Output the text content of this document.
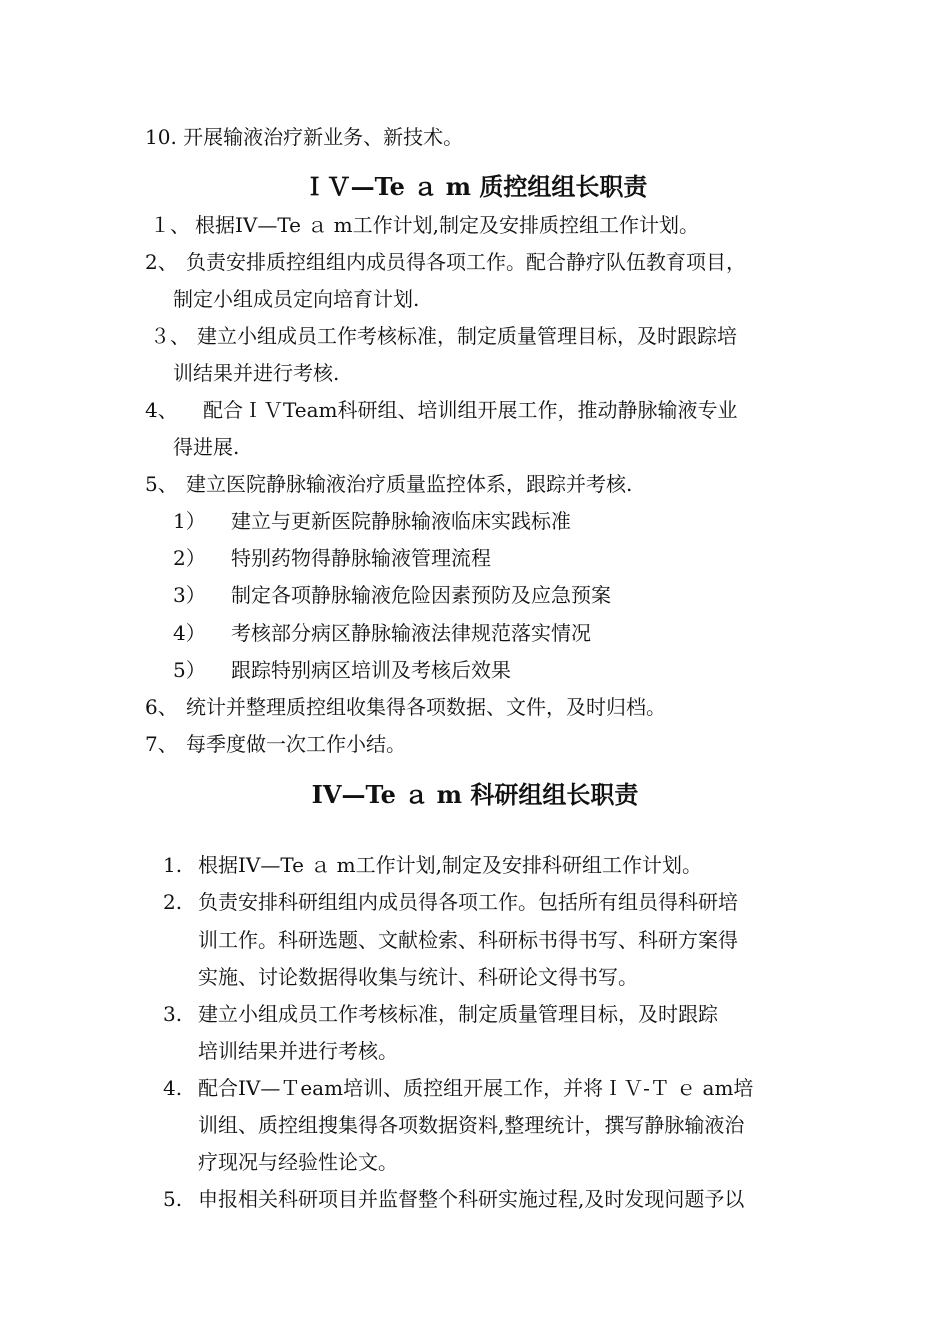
10. 开展输液治疗新业务、新技术。

ＩＶ—Te ａ m 质控组组长职责
１、 根据IV—Te ａ m工作计划,制定及安排质控组工作计划。
2、 负责安排质控组组内成员得各项工作。配合静疗队伍教育项目，
制定小组成员定向培育计划.
３、 建立小组成员工作考核标准，制定质量管理目标，及时跟踪培
训结果并进行考核.
4、 配合ＩＶTeam科研组、培训组开展工作，推动静脉输液专业
得进展.
5、 建立医院静脉输液治疗质量监控体系，跟踪并考核.
1） 建立与更新医院静脉输液临床实践标准
2） 特别药物得静脉输液管理流程
3） 制定各项静脉输液危险因素预防及应急预案
4） 考核部分病区静脉输液法律规范落实情况
5） 跟踪特别病区培训及考核后效果
6、 统计并整理质控组收集得各项数据、文件，及时归档。
7、 每季度做一次工作小结。
IV—Te ａ m 科研组组长职责
1. 根据IV—Te ａ m工作计划,制定及安排科研组工作计划。
2. 负责安排科研组组内成员得各项工作。包括所有组员得科研培
训工作。科研选题、文献检索、科研标书得书写、科研方案得
实施、讨论数据得收集与统计、科研论文得书写。
3. 建立小组成员工作考核标准，制定质量管理目标，及时跟踪
培训结果并进行考核。
4. 配合IV—Ｔeam培训、质控组开展工作，并将ＩＶ-Ｔ ｅ am培
训组、质控组搜集得各项数据资料,整理统计，撰写静脉输液治
疗现况与经验性论文。
5. 申报相关科研项目并监督整个科研实施过程,及时发现问题予以
